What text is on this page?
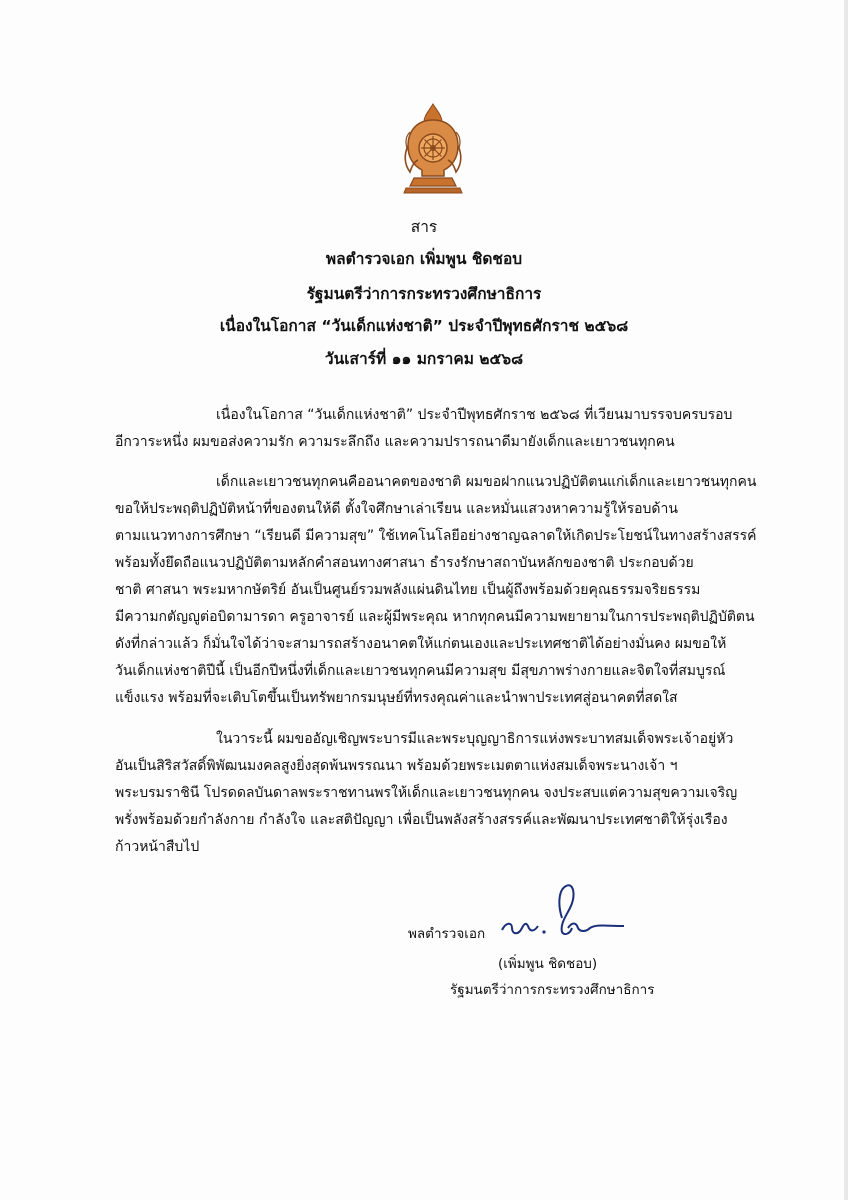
สาร
พลตำรวจเอก เพิ่มพูน ชิดชอบ
รัฐมนตรีว่าการกระทรวงศึกษาธิการ
เนื่องในโอกาส “วันเด็กแห่งชาติ” ประจำปีพุทธศักราช ๒๕๖๘
วันเสาร์ที่ ๑๑ มกราคม ๒๕๖๘
เนื่องในโอกาส “วันเด็กแห่งชาติ” ประจำปีพุทธศักราช ๒๕๖๘ ที่เวียนมาบรรจบครบรอบ
อีกวาระหนึ่ง ผมขอส่งความรัก ความระลึกถึง และความปรารถนาดีมายังเด็กและเยาวชนทุกคน
เด็กและเยาวชนทุกคนคืออนาคตของชาติ ผมขอฝากแนวปฏิบัติตนแก่เด็กและเยาวชนทุกคน
ขอให้ประพฤติปฏิบัติหน้าที่ของตนให้ดี ตั้งใจศึกษาเล่าเรียน และหมั่นแสวงหาความรู้ให้รอบด้าน
ตามแนวทางการศึกษา “เรียนดี มีความสุข” ใช้เทคโนโลยีอย่างชาญฉลาดให้เกิดประโยชน์ในทางสร้างสรรค์
พร้อมทั้งยึดถือแนวปฏิบัติตามหลักคำสอนทางศาสนา ธำรงรักษาสถาบันหลักของชาติ ประกอบด้วย
ชาติ ศาสนา พระมหากษัตริย์ อันเป็นศูนย์รวมพลังแผ่นดินไทย เป็นผู้ถึงพร้อมด้วยคุณธรรมจริยธรรม
มีความกตัญญูต่อบิดามารดา ครูอาจารย์ และผู้มีพระคุณ หากทุกคนมีความพยายามในการประพฤติปฏิบัติตน
ดังที่กล่าวแล้ว ก็มั่นใจได้ว่าจะสามารถสร้างอนาคตให้แก่ตนเองและประเทศชาติได้อย่างมั่นคง ผมขอให้
วันเด็กแห่งชาติปีนี้ เป็นอีกปีหนึ่งที่เด็กและเยาวชนทุกคนมีความสุข มีสุขภาพร่างกายและจิตใจที่สมบูรณ์
แข็งแรง พร้อมที่จะเติบโตขึ้นเป็นทรัพยากรมนุษย์ที่ทรงคุณค่าและนำพาประเทศสู่อนาคตที่สดใส
ในวาระนี้ ผมขออัญเชิญพระบารมีและพระบุญญาธิการแห่งพระบาทสมเด็จพระเจ้าอยู่หัว
อันเป็นสิริสวัสดิ์พิพัฒนมงคลสูงยิ่งสุดพ้นพรรณนา พร้อมด้วยพระเมตตาแห่งสมเด็จพระนางเจ้า ฯ
พระบรมราชินี โปรดดลบันดาลพระราชทานพรให้เด็กและเยาวชนทุกคน จงประสบแต่ความสุขความเจริญ
พรั่งพร้อมด้วยกำลังกาย กำลังใจ และสติปัญญา เพื่อเป็นพลังสร้างสรรค์และพัฒนาประเทศชาติให้รุ่งเรือง
ก้าวหน้าสืบไป
พลตำรวจเอก
(เพิ่มพูน ชิดชอบ)
รัฐมนตรีว่าการกระทรวงศึกษาธิการ
